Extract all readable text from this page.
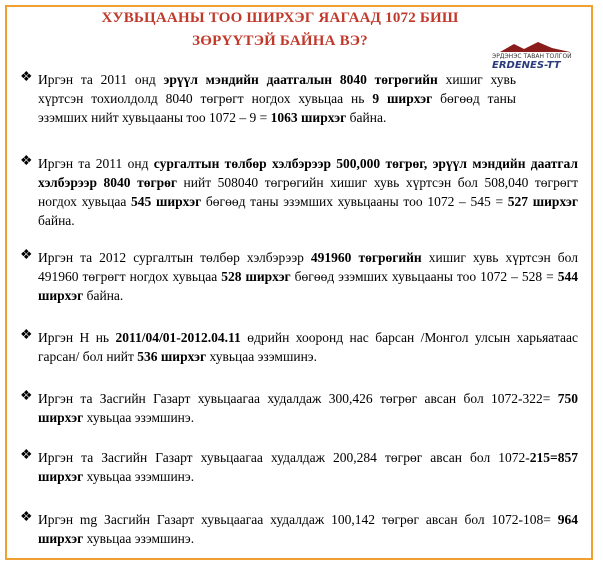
ХУВЬЦААНЫ ТОО ШИРХЭГ ЯАГААД 1072 БИШ
ЗӨРҮҮТЭЙ БАЙНА ВЭ?
ЭРДЭНЭС ТАВАН ТОЛГОЙ
ERDENES-TT
❖ Иргэн та 2011 онд эрүүл мэндийн даатгалын 8040 төгрөгийн хишиг хувь хүртсэн тохиолдолд 8040 төгрөгт ногдох хувьцаа нь 9 ширхэг бөгөөд таны эзэмших нийт хувьцааны тоо 1072 – 9 = 1063 ширхэг байна.
❖ Иргэн та 2011 онд сургалтын төлбөр хэлбэрээр 500,000 төгрөг, эрүүл мэндийн даатгал хэлбэрээр 8040 төгрөг нийт 508040 төгрөгийн хишиг хувь хүртсэн бол 508,040 төгрөгт ногдох хувьцаа 545 ширхэг бөгөөд таны эзэмших хувьцааны тоо 1072 – 545 = 527 ширхэг байна.
❖ Иргэн та 2012 сургалтын төлбөр хэлбэрээр 491960 төгрөгийн хишиг хувь хүртсэн бол 491960 төгрөгт ногдох хувьцаа 528 ширхэг бөгөөд эзэмших хувьцааны тоо 1072 – 528 = 544 ширхэг байна.
❖ Иргэн Н нь 2011/04/01-2012.04.11 өдрийн хооронд нас барсан /Монгол улсын харьяатаас гарсан/ бол нийт 536 ширхэг хувьцаа эзэмшинэ.
❖ Иргэн та Засгийн Газарт хувьцаагаа худалдаж 300,426 төгрөг авсан бол 1072-322= 750 ширхэг хувьцаа эзэмшинэ.
❖ Иргэн та Засгийн Газарт хувьцаагаа худалдаж 200,284 төгрөг авсан бол 1072-215=857 ширхэг хувьцаа эзэмшинэ.
❖ Иргэн mg Засгийн Газарт хувьцаагаа худалдаж 100,142 төгрөг авсан бол 1072-108= 964 ширхэг хувьцаа эзэмшинэ.
